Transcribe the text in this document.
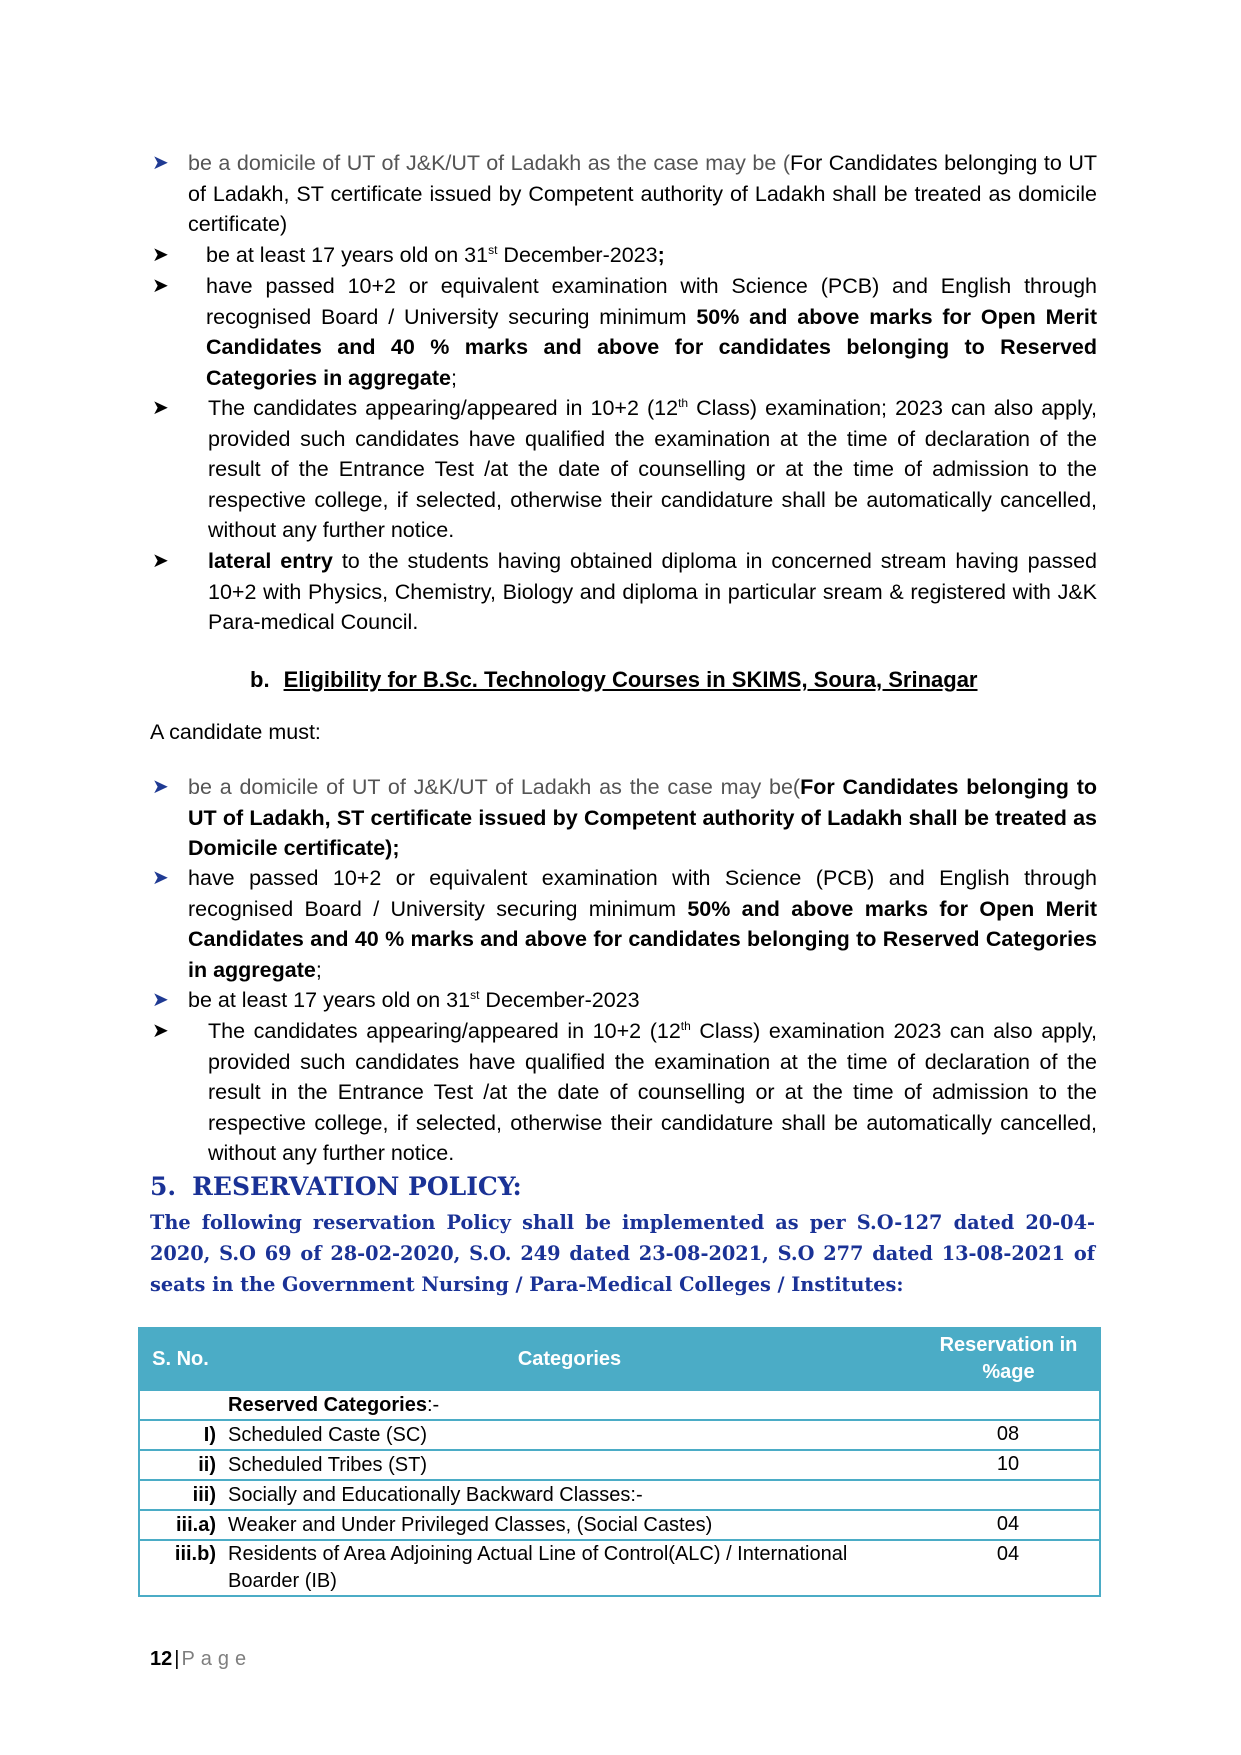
➤ be a domicile of UT of J&K/UT of Ladakh as the case may be (For Candidates belonging to UT of Ladakh, ST certificate issued by Competent authority of Ladakh shall be treated as domicile certificate)
➤	be at least 17 years old on 31st December-2023;
➤	have passed 10+2 or equivalent examination with Science (PCB) and English through recognised Board / University securing minimum 50% and above marks for Open Merit Candidates and 40 % marks and above for candidates belonging to Reserved Categories in aggregate;
➤	The candidates appearing/appeared in 10+2 (12th Class) examination; 2023 can also apply, provided such candidates have qualified the examination at the time of declaration of the result of the Entrance Test /at the date of counselling or at the time of admission to the respective college, if selected, otherwise their candidature shall be automatically cancelled, without any further notice.
➤	lateral entry to the students having obtained diploma in concerned stream having passed 10+2 with Physics, Chemistry, Biology and diploma in particular sream & registered with J&K Para-medical Council.
b. Eligibility for B.Sc. Technology Courses in SKIMS, Soura, Srinagar
A candidate must:
➤ be a domicile of UT of J&K/UT of Ladakh as the case may be(For Candidates belonging to UT of Ladakh, ST certificate issued by Competent authority of Ladakh shall be treated as Domicile certificate);
➤ have passed 10+2 or equivalent examination with Science (PCB) and English through recognised Board / University securing minimum 50% and above marks for Open Merit Candidates and 40 % marks and above for candidates belonging to Reserved Categories in aggregate;
➤ be at least 17 years old on 31st December-2023
➤	The candidates appearing/appeared in 10+2 (12th Class) examination 2023 can also apply, provided such candidates have qualified the examination at the time of declaration of the result in the Entrance Test /at the date of counselling or at the time of admission to the respective college, if selected, otherwise their candidature shall be automatically cancelled, without any further notice.
5. RESERVATION POLICY:
The following reservation Policy shall be implemented as per S.O-127 dated 20-04-2020, S.O 69 of 28-02-2020, S.O. 249 dated 23-08-2021, S.O 277 dated 13-08-2021 of seats in the Government Nursing / Para-Medical Colleges / Institutes:
S. No.	Categories	Reservation in %age
	Reserved Categories:-	
I)	Scheduled Caste (SC)	08
ii)	Scheduled Tribes (ST)	10
iii)	Socially and Educationally Backward Classes:-	
iii.a)	Weaker and Under Privileged Classes, (Social Castes)	04
iii.b)	Residents of Area Adjoining Actual Line of Control(ALC) / International Boarder (IB)	04
12 | Page
